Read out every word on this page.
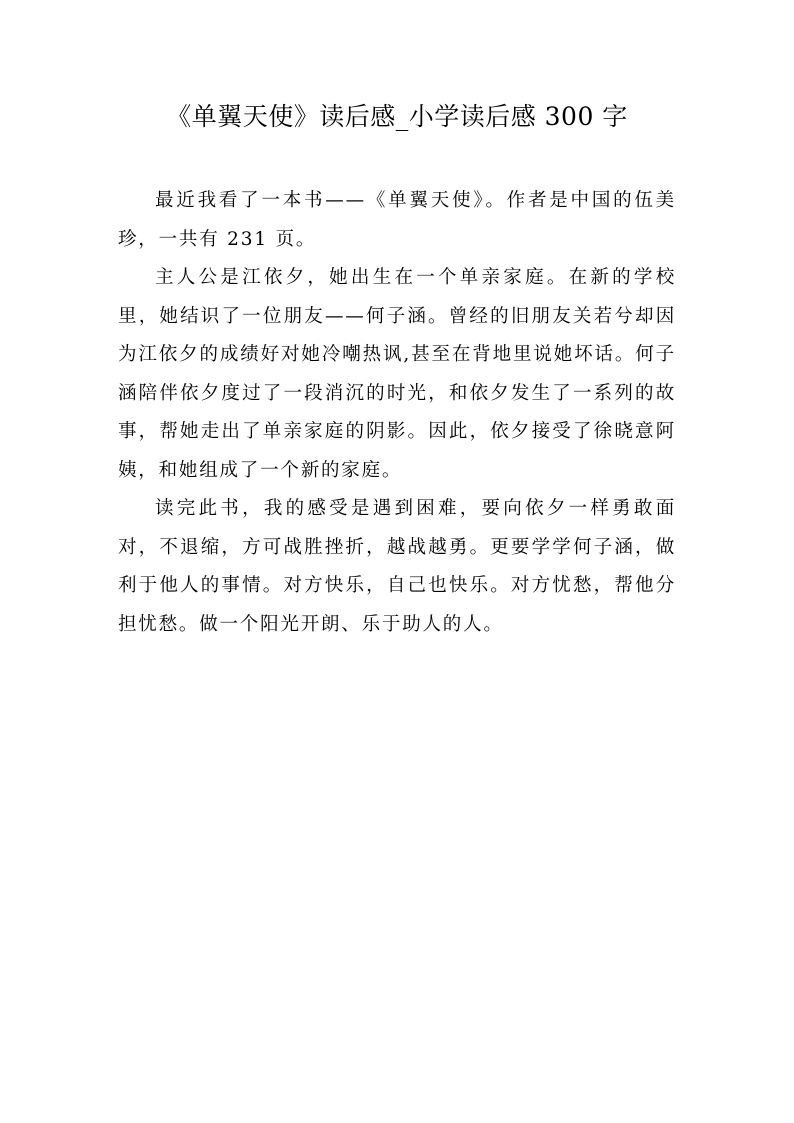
《单翼天使》读后感_小学读后感 300 字

最近我看了一本书——《单翼天使》。作者是中国的伍美珍，一共有 231 页。

主人公是江依夕，她出生在一个单亲家庭。在新的学校里，她结识了一位朋友——何子涵。曾经的旧朋友关若兮却因为江依夕的成绩好对她冷嘲热讽,甚至在背地里说她坏话。何子涵陪伴依夕度过了一段消沉的时光，和依夕发生了一系列的故事，帮她走出了单亲家庭的阴影。因此，依夕接受了徐晓意阿姨，和她组成了一个新的家庭。

读完此书，我的感受是遇到困难，要向依夕一样勇敢面对，不退缩，方可战胜挫折，越战越勇。更要学学何子涵，做利于他人的事情。对方快乐，自己也快乐。对方忧愁，帮他分担忧愁。做一个阳光开朗、乐于助人的人。
